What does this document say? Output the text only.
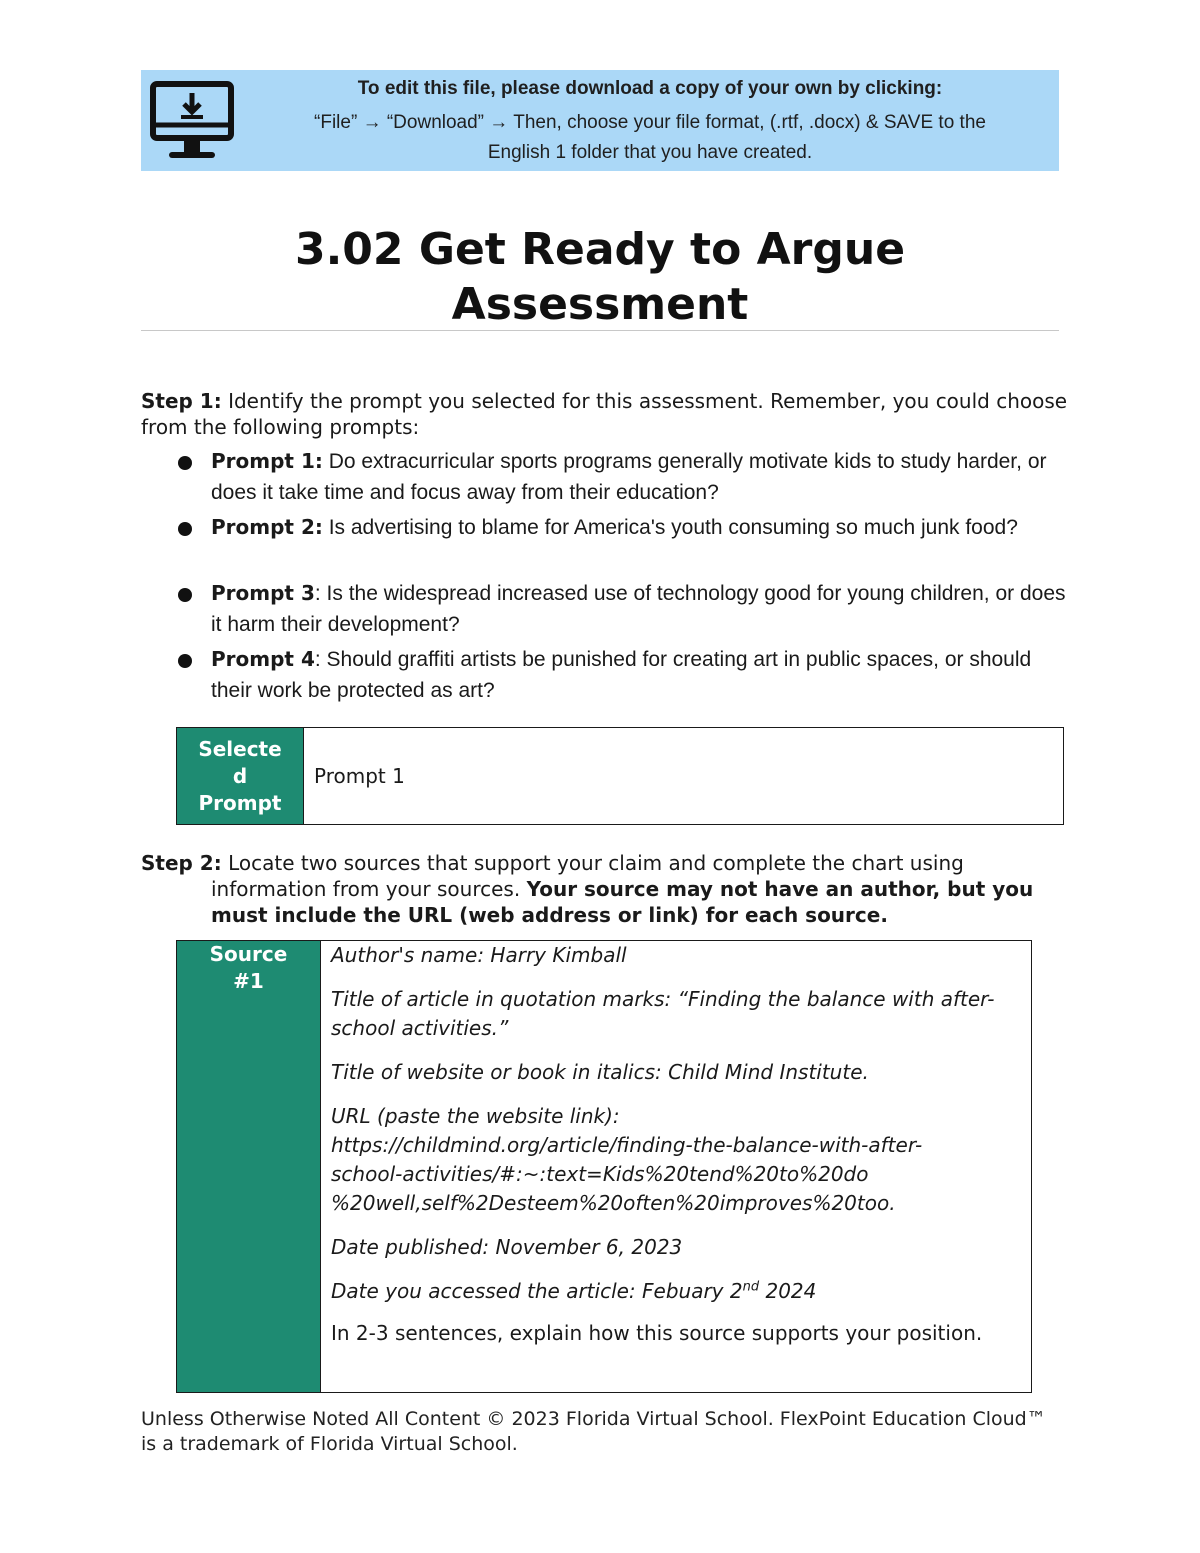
To edit this file, please download a copy of your own by clicking:
“File” → “Download” → Then, choose your file format, (.rtf, .docx) & SAVE to the
English 1 folder that you have created.
3.02 Get Ready to Argue
Assessment
Step 1: Identify the prompt you selected for this assessment. Remember, you could choose from the following prompts:
Prompt 1: Do extracurricular sports programs generally motivate kids to study harder, or does it take time and focus away from their education?
Prompt 2: Is advertising to blame for America's youth consuming so much junk food?
Prompt 3: Is the widespread increased use of technology good for young children, or does it harm their development?
Prompt 4: Should graffiti artists be punished for creating art in public spaces, or should their work be protected as art?
Selecte
d
Prompt
	Prompt 1
Step 2: Locate two sources that support your claim and complete the chart using
information from your sources. Your source may not have an author, but you must include the URL (web address or link) for each source.
Source
#1

Author's name: Harry Kimball
Title of article in quotation marks: “Finding the balance with after-school activities.”
Title of website or book in italics: Child Mind Institute.
URL (paste the website link):
https://childmind.org/article/finding-the-balance-with-after-
school-activities/#:~:text=Kids%20tend%20to%20do
%20well,self%2Desteem%20often%20improves%20too.
Date published: November 6, 2023
Date you accessed the article: Febuary 2nd 2024
In 2-3 sentences, explain how this source supports your position.
Unless Otherwise Noted All Content © 2023 Florida Virtual School. FlexPoint Education Cloud™ is a trademark of Florida Virtual School.
